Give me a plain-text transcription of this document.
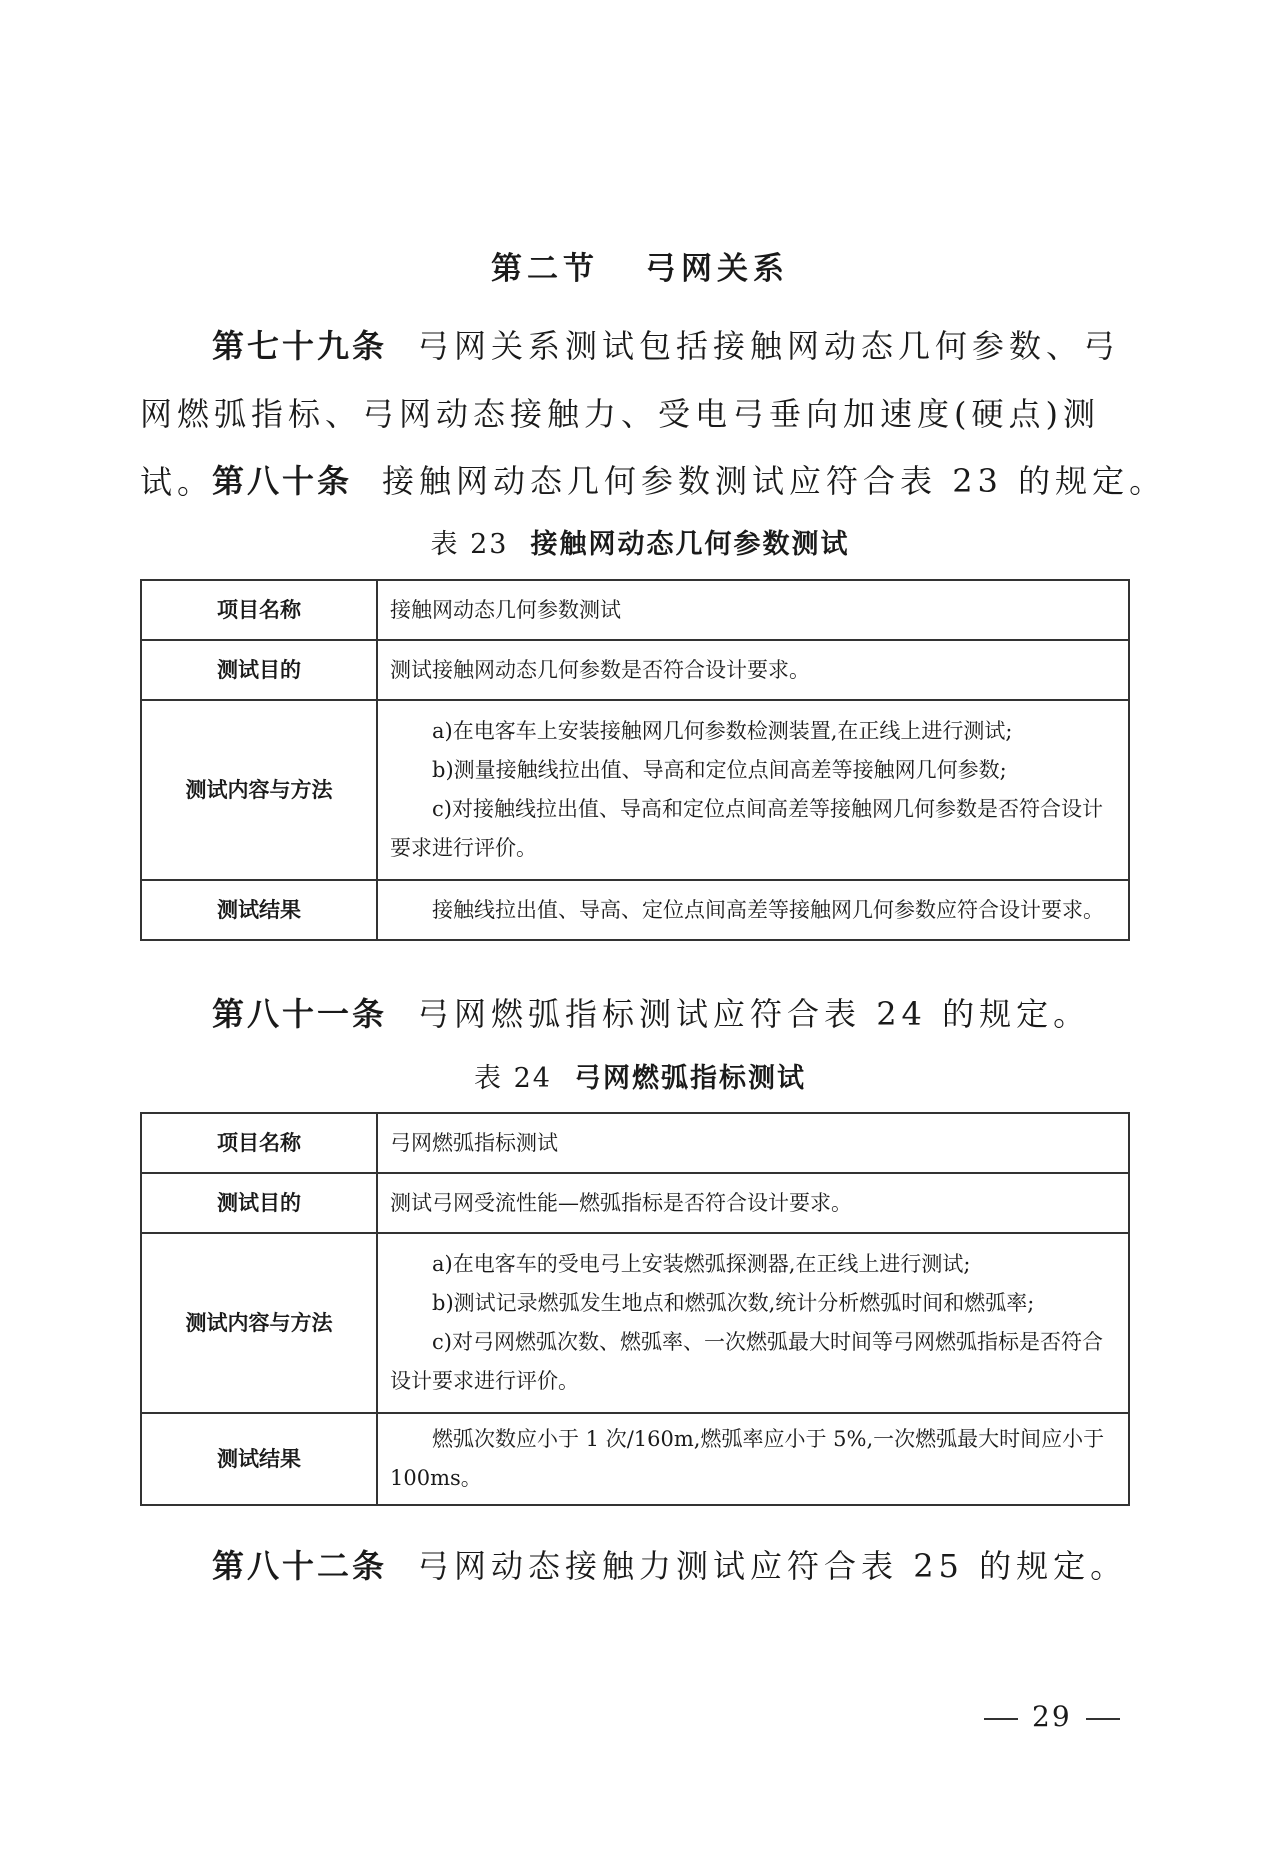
第二节 弓网关系
第七十九条 弓网关系测试包括接触网动态几何参数、弓网燃弧指标、弓网动态接触力、受电弓垂向加速度(硬点)测试。
第八十条 接触网动态几何参数测试应符合表 23 的规定。
表 23 接触网动态几何参数测试
项目名称	接触网动态几何参数测试

测试目的	测试接触网动态几何参数是否符合设计要求。

测试内容与方法	a)在电客车上安装接触网几何参数检测装置,在正线上进行测试;
b)测量接触线拉出值、导高和定位点间高差等接触网几何参数;
c)对接触线拉出值、导高和定位点间高差等接触网几何参数是否符合设计要求进行评价。

测试结果	接触线拉出值、导高、定位点间高差等接触网几何参数应符合设计要求。
第八十一条 弓网燃弧指标测试应符合表 24 的规定。
表 24 弓网燃弧指标测试
项目名称	弓网燃弧指标测试

测试目的	测试弓网受流性能—燃弧指标是否符合设计要求。

测试内容与方法	a)在电客车的受电弓上安装燃弧探测器,在正线上进行测试;
b)测试记录燃弧发生地点和燃弧次数,统计分析燃弧时间和燃弧率;
c)对弓网燃弧次数、燃弧率、一次燃弧最大时间等弓网燃弧指标是否符合设计要求进行评价。

测试结果	燃弧次数应小于 1 次/160m,燃弧率应小于 5%,一次燃弧最大时间应小于 100ms。
第八十二条 弓网动态接触力测试应符合表 25 的规定。
29
